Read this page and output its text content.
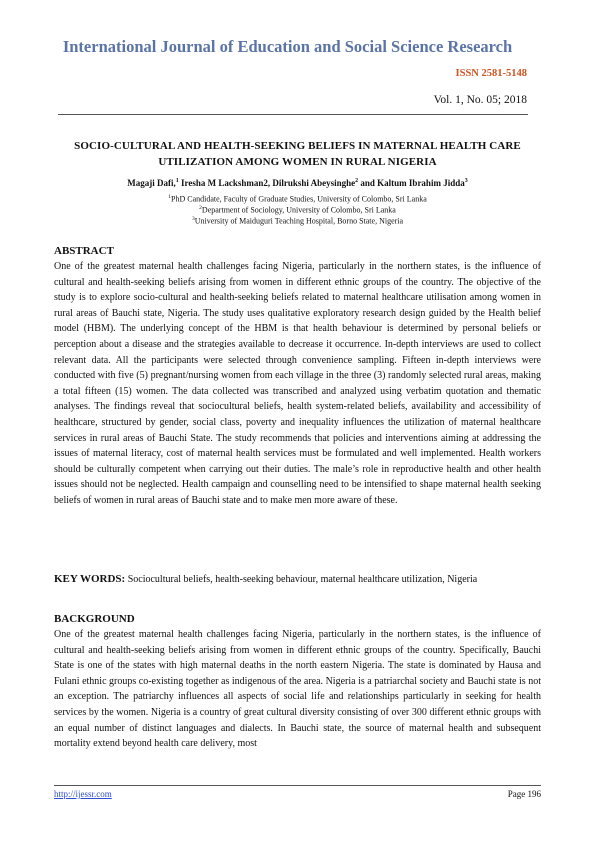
International Journal of Education and Social Science Research
ISSN 2581-5148
Vol. 1, No. 05; 2018
SOCIO-CULTURAL AND HEALTH-SEEKING BELIEFS IN MATERNAL HEALTH CARE
UTILIZATION AMONG WOMEN IN RURAL NIGERIA
Magaji Dafi,$^1$ Iresha M Lackshman2, Dilrukshi Abeysinghe$^2$ and Kaltum Ibrahim Jidda$^3$
$^1$PhD Candidate, Faculty of Graduate Studies, University of Colombo, Sri Lanka
$^2$Department of Sociology, University of Colombo, Sri Lanka
$^3$University of Maiduguri Teaching Hospital, Borno State, Nigeria
ABSTRACT
One of the greatest maternal health challenges facing Nigeria, particularly in the northern states, is the influence of cultural and health-seeking beliefs arising from women in different ethnic groups of the country. The objective of the study is to explore socio-cultural and health-seeking beliefs related to maternal healthcare utilisation among women in rural areas of Bauchi state, Nigeria. The study uses qualitative exploratory research design guided by the Health belief model (HBM). The underlying concept of the HBM is that health behaviour is determined by personal beliefs or perception about a disease and the strategies available to decrease it occurrence. In-depth interviews are used to collect relevant data. All the participants were selected through convenience sampling. Fifteen in-depth interviews were conducted with five (5) pregnant/nursing women from each village in the three (3) randomly selected rural areas, making a total fifteen (15) women. The data collected was transcribed and analyzed using verbatim quotation and thematic analyses. The findings reveal that sociocultural beliefs, health system-related beliefs, availability and accessibility of healthcare, structured by gender, social class, poverty and inequality influences the utilization of maternal healthcare services in rural areas of Bauchi State. The study recommends that policies and interventions aiming at addressing the issues of maternal literacy, cost of maternal health services must be formulated and well implemented. Health workers should be culturally competent when carrying out their duties. The male’s role in reproductive health and other health issues should not be neglected. Health campaign and counselling need to be intensified to shape maternal health seeking beliefs of women in rural areas of Bauchi state and to make men more aware of these.
KEY WORDS: Sociocultural beliefs, health-seeking behaviour, maternal healthcare utilization, Nigeria
BACKGROUND
One of the greatest maternal health challenges facing Nigeria, particularly in the northern states, is the influence of cultural and health-seeking beliefs arising from women in different ethnic groups of the country. Specifically, Bauchi State is one of the states with high maternal deaths in the north eastern Nigeria. The state is dominated by Hausa and Fulani ethnic groups co-existing together as indigenous of the area. Nigeria is a patriarchal society and Bauchi state is not an exception. The patriarchy influences all aspects of social life and relationships particularly in seeking for health services by the women. Nigeria is a country of great cultural diversity consisting of over 300 different ethnic groups with an equal number of distinct languages and dialects. In Bauchi state, the source of maternal health and subsequent mortality extend beyond health care delivery, most
http://ijessr.com	Page 196
